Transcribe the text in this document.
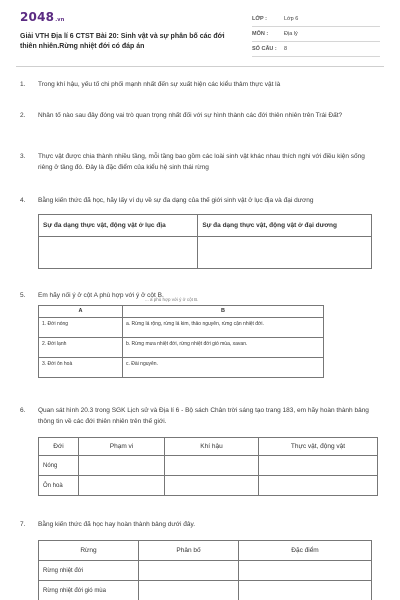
2048.vn
Giải VTH Địa lí 6 CTST Bài 20: Sinh vật và sự phân bố các đới thiên nhiên.Rừng nhiệt đới có đáp án
LỚP :	Lớp 6
MÔN :	Địa lý
SỐ CÂU : 8
1. Trong khí hậu, yếu tố chi phối mạnh nhất đến sự xuất hiện các kiểu thảm thực vật là
2. Nhân tố nào sau đây đóng vai trò quan trọng nhất đối với sự hình thành các đới thiên nhiên trên Trái Đất?
3. Thực vật được chia thành nhiều tầng, mỗi tầng bao gồm các loài sinh vật khác nhau thích nghi với điều kiện sống riêng ở tầng đó. Đây là đặc điểm của kiểu hệ sinh thái rừng
4. Bằng kiến thức đã học, hãy lấy ví dụ về sự đa dạng của thế giới sinh vật ở lục địa và đại dương
Sự đa dạng thực vật, động vật ở lục địa	Sự đa dạng thực vật, động vật ở đại dương

5. Em hãy nối ý ở cột A phù hợp với ý ở cột B.
... a phù hợp với ý ở cột B.
A	B
1. Đới nóng	a. Rừng lá rộng, rừng lá kim, thảo nguyên, rừng cận nhiệt đới.
2. Đới lạnh	b. Rừng mưa nhiệt đới, rừng nhiệt đới gió mùa, xavan.
3. Đới ôn hoà	c. Đài nguyên.
6. Quan sát hình 20.3 trong SGK Lịch sử và Địa lí 6 - Bộ sách Chân trời sáng tạo trang 183, em hãy hoàn thành bảng thông tin về các đới thiên nhiên trên thế giới.
Đới	Phạm vi	Khí hậu	Thực vật, động vật
Nóng			
Ôn hoà			
7. Bằng kiến thức đã học hay hoàn thành bảng dưới đây.
Rừng	Phân bố	Đặc điểm
Rừng nhiệt đới		
Rừng nhiệt đới gió mùa		
